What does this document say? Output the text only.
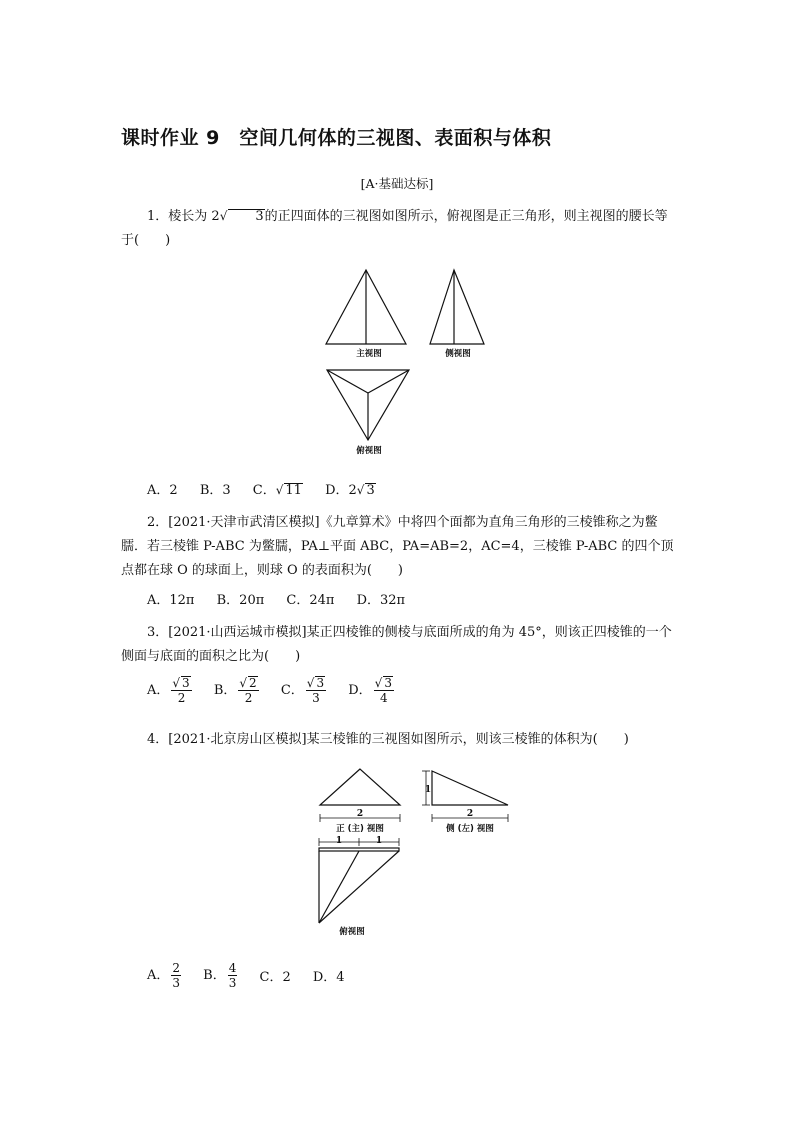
课时作业 9　空间几何体的三视图、表面积与体积
[A·基础达标]
1．棱长为 2√ 3的正四面体的三视图如图所示，俯视图是正三角形，则主视图的腰长等于(　　)
主视图	侧视图
俯视图
A．2 B．3 C．√ 11 D．2√ 3
2．[2021·天津市武清区模拟]《九章算术》中将四个面都为直角三角形的三棱锥称之为鳖臑．若三棱锥 P-ABC 为鳖臑，PA⊥平面 ABC，PA=AB=2，AC=4，三棱锥 P-ABC 的四个顶点都在球 O 的球面上，则球 O 的表面积为(　　)
A．12π B．20π C．24π D．32π
3．[2021·山西运城市模拟]某正四棱锥的侧棱与底面所成的角为 45°，则该正四棱锥的一个侧面与底面的面积之比为(　　)
A． $\frac{√ 3}{2}$ B． $\frac{√ 2}{2}$ C． $\frac{√ 3}{3}$ D． $\frac{√ 3}{4}$
4．[2021·北京房山区模拟]某三棱锥的三视图如图所示，则该三棱锥的体积为(　　)
2
1
2
1	1
正 (主) 视图	侧 (左) 视图
俯视图
A． $\frac{2}{3}$ B． $\frac{4}{3}$ C．2 D．4
